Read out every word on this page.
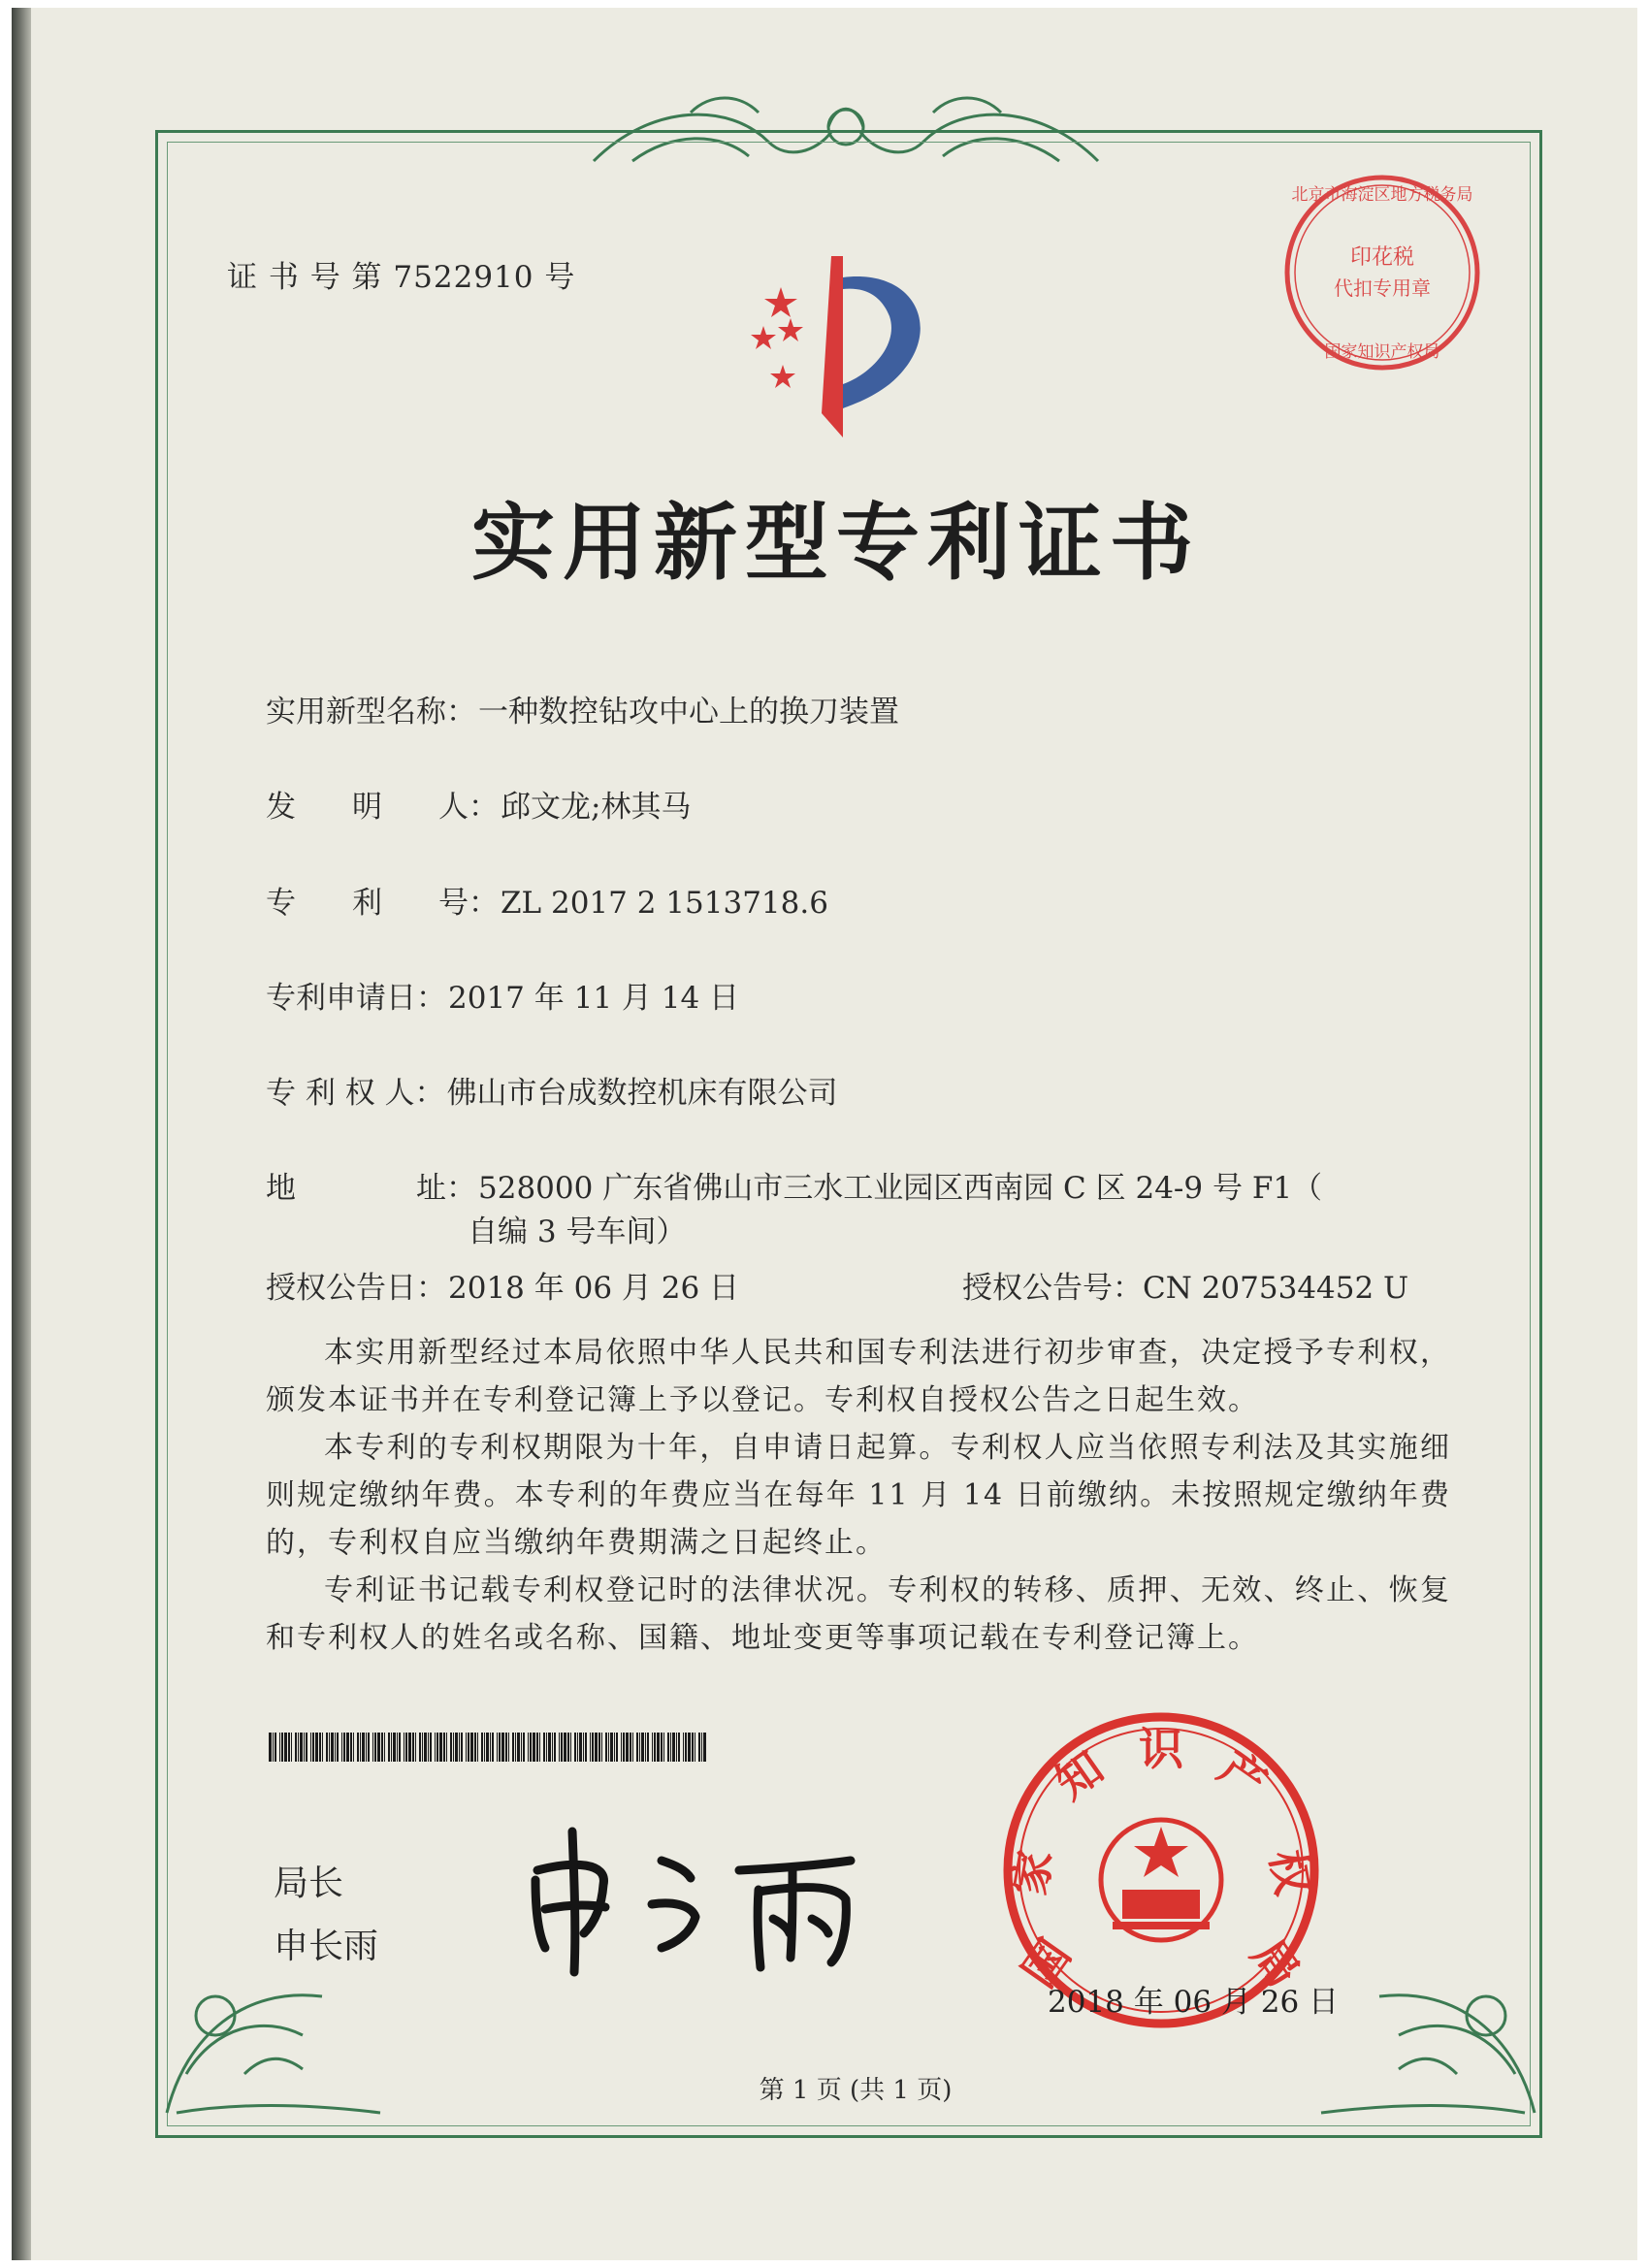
北京市海淀区地方税务局
印花税
代扣专用章
国家知识产权局
证 书 号 第 7522910 号
实用新型专利证书
实用新型名称：一种数控钻攻中心上的换刀装置
发 明 人：邱文龙;林其马
专 利 号：ZL 2017 2 1513718.6
专利申请日：2017 年 11 月 14 日
专 利 权 人：佛山市台成数控机床有限公司
地	址：528000 广东省佛山市三水工业园区西南园 C 区 24-9 号 F1（
自编 3 号车间）
授权公告日：2018 年 06 月 26 日	授权公告号：CN 207534452 U

本实用新型经过本局依照中华人民共和国专利法进行初步审查，决定授予专利权，颁发本证书并在专利登记簿上予以登记。专利权自授权公告之日起生效。

本专利的专利权期限为十年，自申请日起算。专利权人应当依照专利法及其实施细则规定缴纳年费。本专利的年费应当在每年 11 月 14 日前缴纳。未按照规定缴纳年费的，专利权自应当缴纳年费期满之日起终止。

专利证书记载专利权登记时的法律状况。专利权的转移、质押、无效、终止、恢复和专利权人的姓名或名称、国籍、地址变更等事项记载在专利登记簿上。

局长
申长雨	国
家
知 识 产
权
局
2018 年 06 月 26 日
第 1 页 (共 1 页)
